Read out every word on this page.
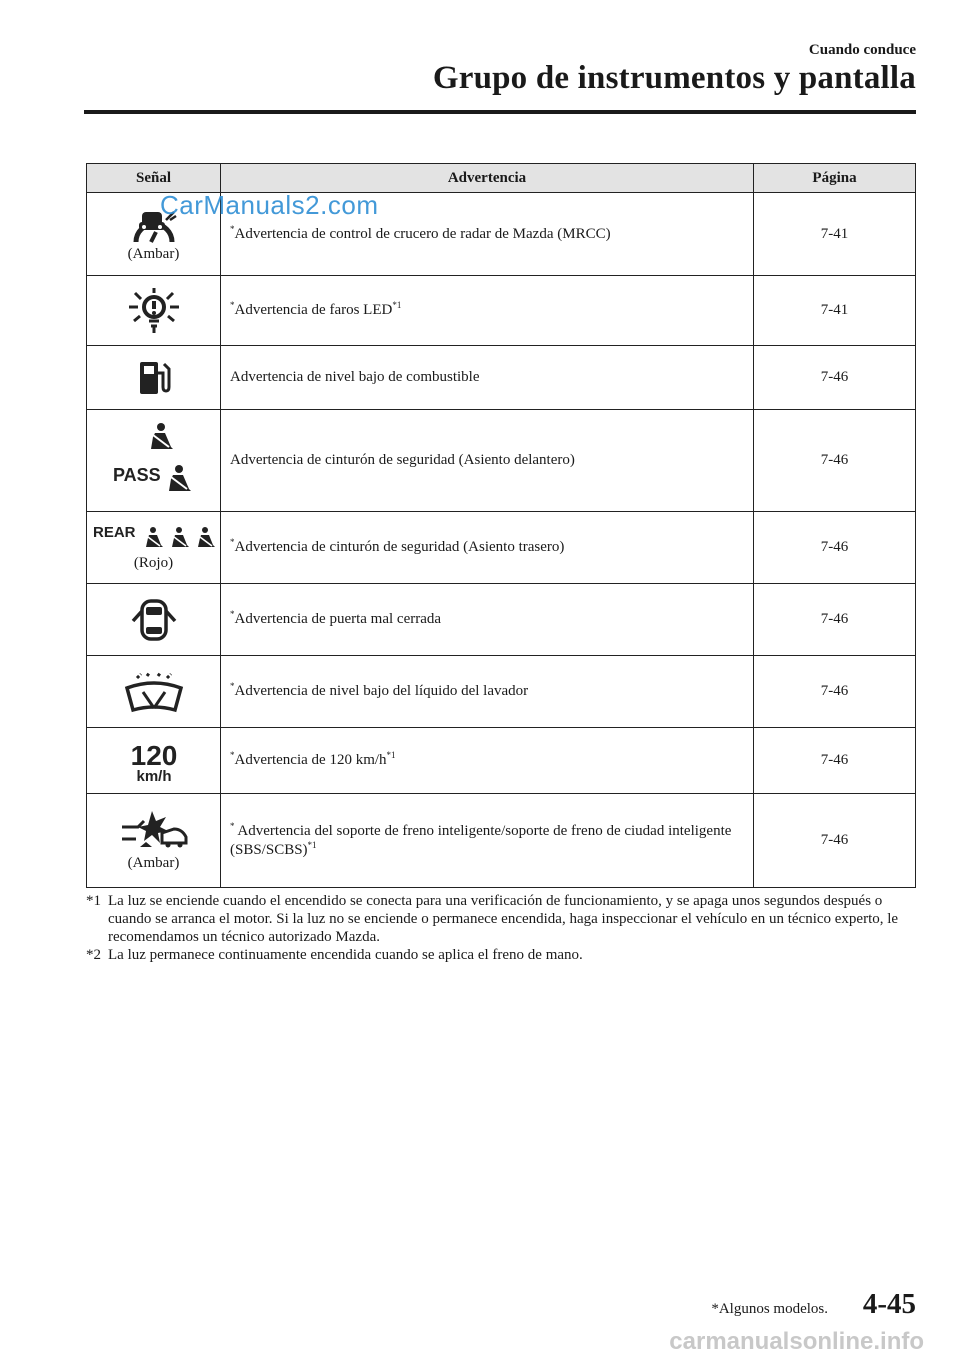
Cuando conduce
Grupo de instrumentos y pantalla
Señal	Advertencia	Página

(Ambar)	*Advertencia de control de crucero de radar de Mazda (MRCC)	7-41

	*Advertencia de faros LED$^{*1}$	7-41

	Advertencia de nivel bajo de combustible	7-46

PASS	Advertencia de cinturón de seguridad (Asiento delantero)	7-46

REAR
(Rojo)	*Advertencia de cinturón de seguridad (Asiento trasero)	7-46

	*Advertencia de puerta mal cerrada	7-46

	*Advertencia de nivel bajo del líquido del lavador	7-46

120
km/h	*Advertencia de 120 $km/h^{*1}$	7-46

(Ambar)	* Advertencia del soporte de freno inteligente/soporte de freno de ciudad inteligente (SBS/SCBS)$^{*1}$	7-46
CarManuals2.com
*1 La luz se enciende cuando el encendido se conecta para una verificación de funcionamiento, y se apaga unos segundos después o cuando se arranca el motor. Si la luz no se enciende o permanece encendida, haga inspeccionar el vehículo en un técnico experto, le recomendamos un técnico autorizado Mazda.
*2 La luz permanece continuamente encendida cuando se aplica el freno de mano.
*Algunos modelos. 4-45
carmanualsonline.info
